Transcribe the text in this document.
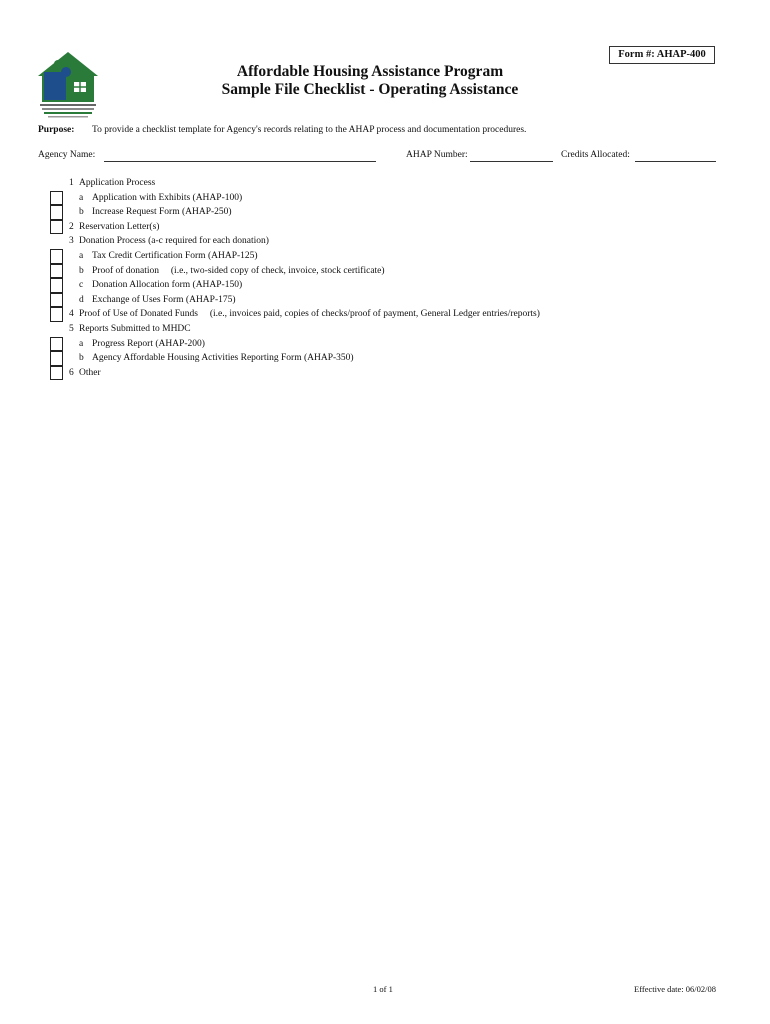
Form #: AHAP-400
Affordable Housing Assistance Program
Sample File Checklist - Operating Assistance
Purpose: To provide a checklist template for Agency's records relating to the AHAP process and documentation procedures.
Agency Name:	AHAP Number:	Credits Allocated:
1 Application Process
a Application with Exhibits (AHAP-100)
b Increase Request Form (AHAP-250)
2 Reservation Letter(s)
3 Donation Process (a-c required for each donation)
a Tax Credit Certification Form (AHAP-125)
b Proof of donation     (i.e., two-sided copy of check, invoice, stock certificate)
c Donation Allocation form (AHAP-150)
d Exchange of Uses Form (AHAP-175)
4 Proof of Use of Donated Funds     (i.e., invoices paid, copies of checks/proof of payment, General Ledger entries/reports)
5 Reports Submitted to MHDC
a Progress Report (AHAP-200)
b Agency Affordable Housing Activities Reporting Form (AHAP-350)
6 Other
1 of 1	Effective date: 06/02/08
